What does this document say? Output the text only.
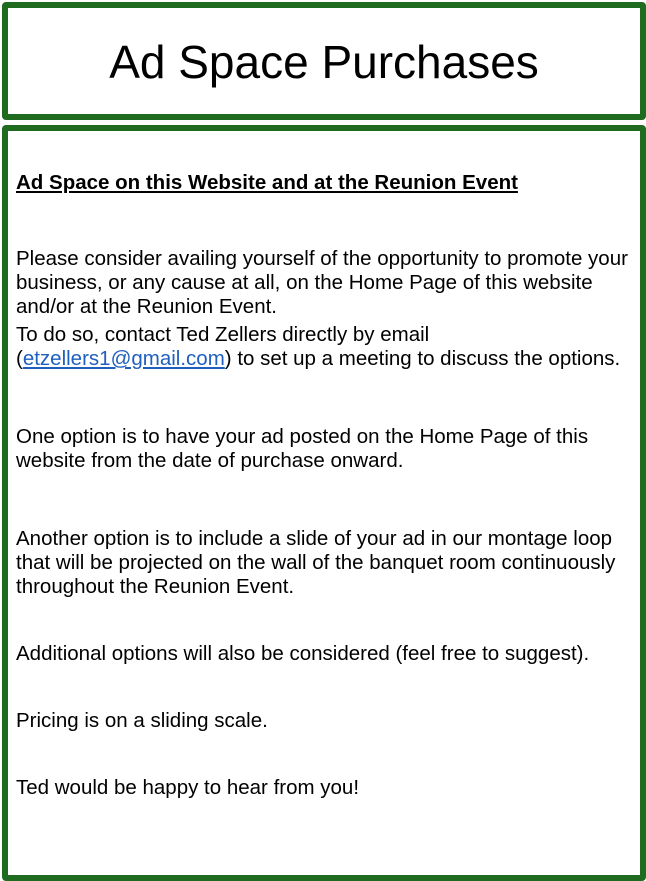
Ad Space Purchases

Ad Space on this Website and at the Reunion Event

Please consider availing yourself of the opportunity to promote your business, or any cause at all, on the Home Page of this website and/or at the Reunion Event.

To do so, contact Ted Zellers directly by email (etzellers1@gmail.com) to set up a meeting to discuss the options.

One option is to have your ad posted on the Home Page of this website from the date of purchase onward.

Another option is to include a slide of your ad in our montage loop that will be projected on the wall of the banquet room continuously throughout the Reunion Event.

Additional options will also be considered (feel free to suggest).

Pricing is on a sliding scale.

Ted would be happy to hear from you!
